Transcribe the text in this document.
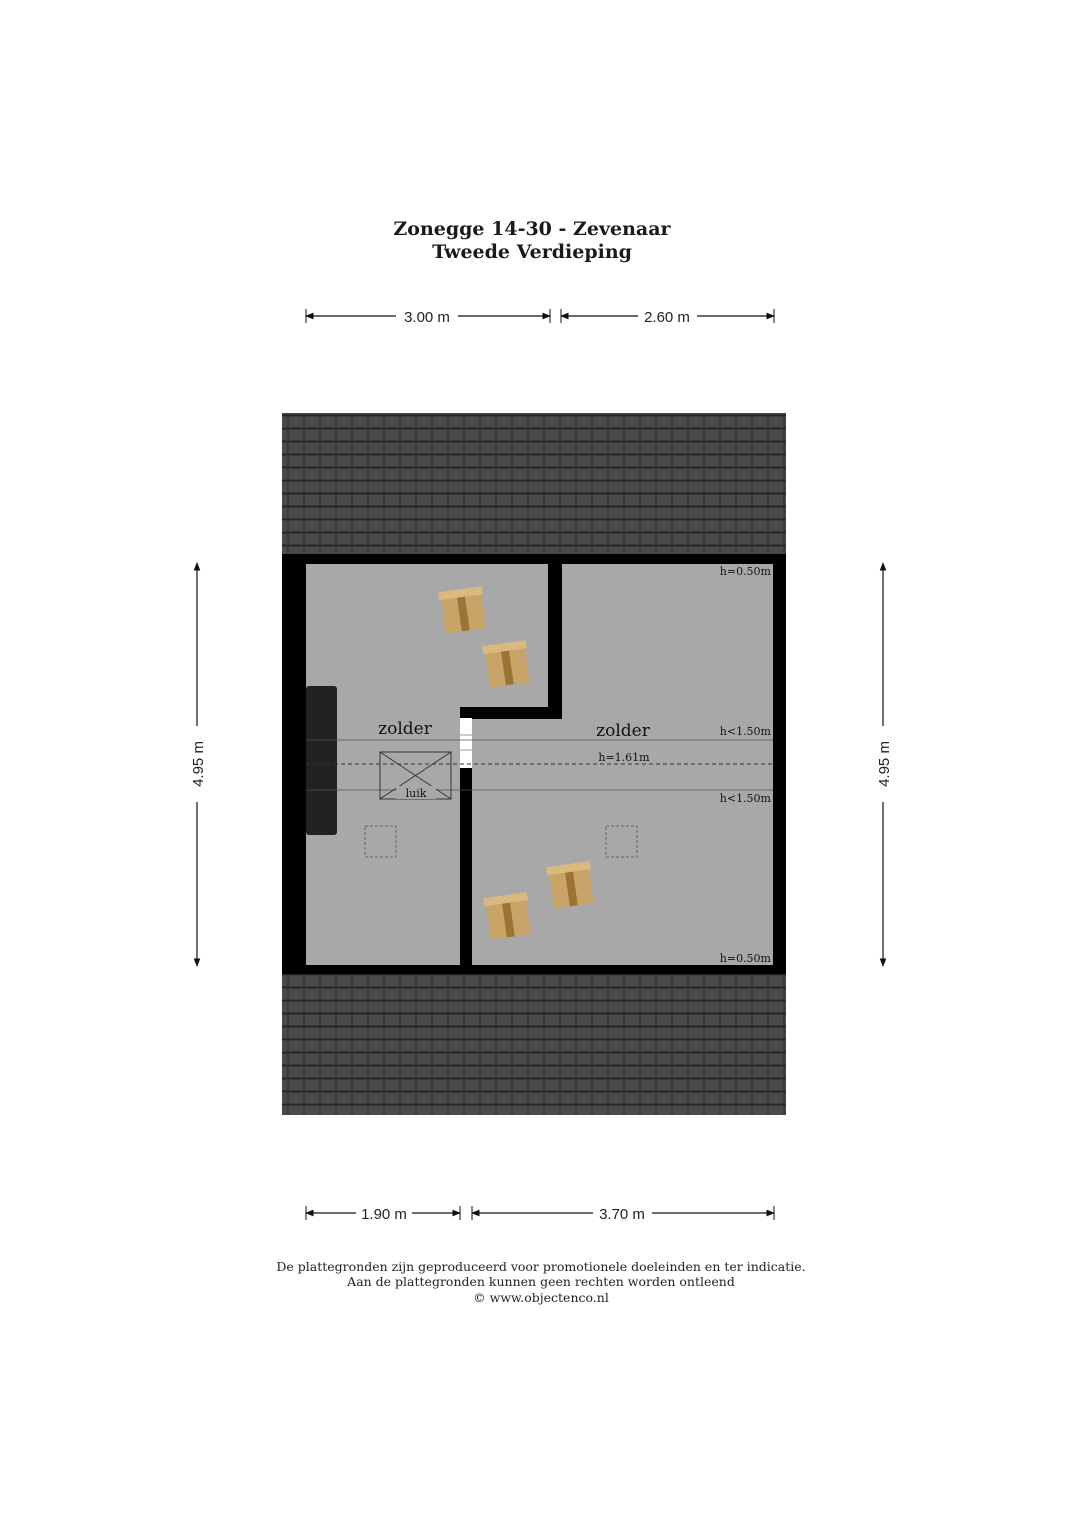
Zonegge 14-30 - Zevenaar
Tweede Verdieping
3.00 m	2.60 m
4.95 m	4.95 m
luik
zolder	zolder
h=0.50m
h<1.50m
h=1.61m
h<1.50m
h=0.50m
1.90 m	3.70 m
De plattegronden zijn geproduceerd voor promotionele doeleinden en ter indicatie.
Aan de plattegronden kunnen geen rechten worden ontleend
© www.objectenco.nl
